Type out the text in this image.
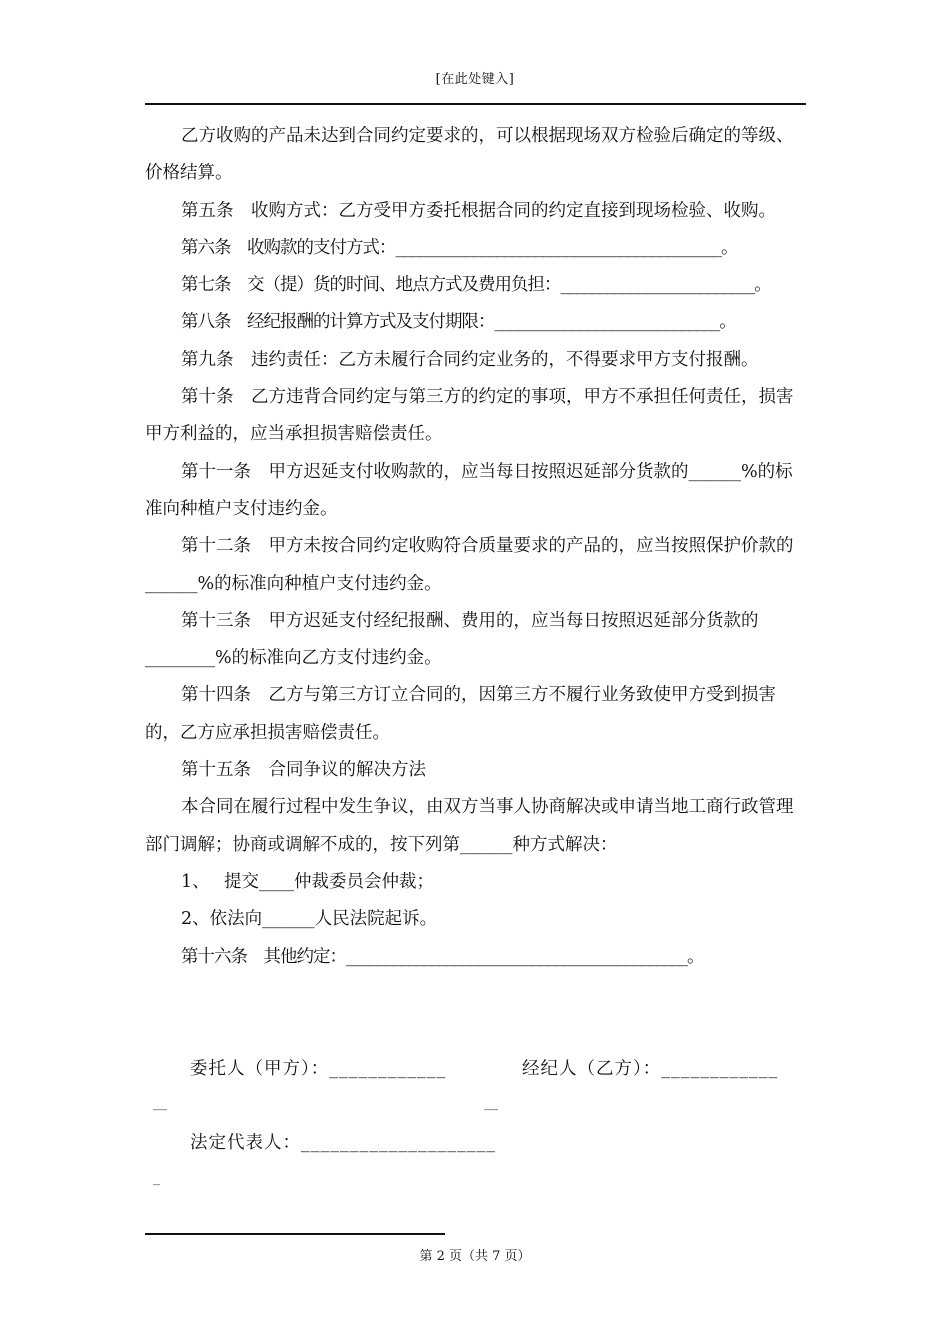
[在此处键入]

乙方收购的产品未达到合同约定要求的，可以根据现场双方检验后确定的等级、价格结算。

第五条　收购方式：乙方受甲方委托根据合同的约定直接到现场检验、收购。

第六条　收购款的支付方式：__________________________________________。

第七条　交（提）货的时间、地点方式及费用负担：_________________________。

第八条　经纪报酬的计算方式及支付期限：_____________________________。

第九条　违约责任：乙方未履行合同约定业务的，不得要求甲方支付报酬。

第十条　乙方违背合同约定与第三方的约定的事项，甲方不承担任何责任，损害甲方利益的，应当承担损害赔偿责任。

第十一条　甲方迟延支付收购款的，应当每日按照迟延部分货款的______%的标准向种植户支付违约金。

第十二条　甲方未按合同约定收购符合质量要求的产品的，应当按照保护价款的______%的标准向种植户支付违约金。

第十三条　甲方迟延支付经纪报酬、费用的，应当每日按照迟延部分货款的________%的标准向乙方支付违约金。

第十四条　乙方与第三方订立合同的，因第三方不履行业务致使甲方受到损害的，乙方应承担损害赔偿责任。

第十五条　合同争议的解决方法

本合同在履行过程中发生争议，由双方当事人协商解决或申请当地工商行政管理部门调解；协商或调解不成的，按下列第______种方式解决：

1、　 提交____仲裁委员会仲裁；

2、依法向______人民法院起诉。

第十六条　其他约定：____________________________________________。

委托人（甲方）：____________	经纪人（乙方）：____________
__	__
法定代表人：____________________
_
第 2 页（共 7 页）
